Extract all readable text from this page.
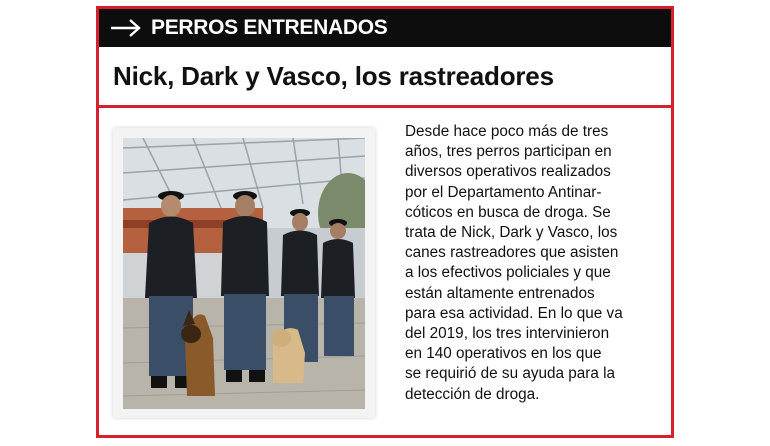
PERROS ENTRENADOS
Nick, Dark y Vasco, los rastreadores
Desde hace poco más de tres
años, tres perros participan en
diversos operativos realizados
por el Departamento Antinar-
cóticos en busca de droga. Se
trata de Nick, Dark y Vasco, los
canes rastreadores que asisten
a los efectivos policiales y que
están altamente entrenados
para esa actividad. En lo que va
del 2019, los tres intervinieron
en 140 operativos en los que
se requirió de su ayuda para la
detección de droga.
